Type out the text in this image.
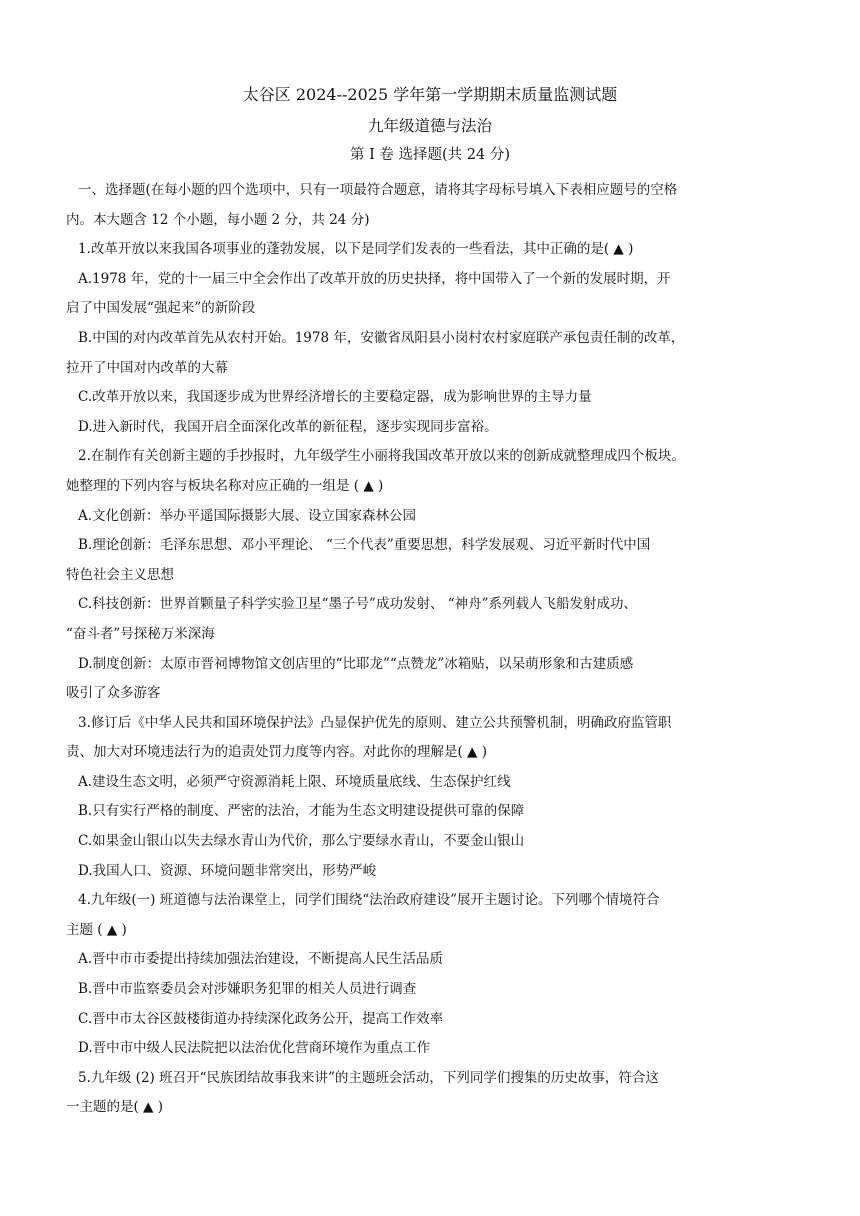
太谷区 2024--2025 学年第一学期期末质量监测试题
九年级道德与法治
第 I 卷 选择题(共 24 分)
一、选择题(在每小题的四个选项中，只有一项最符合题意，请将其字母标号填入下表相应题号的空格
内。本大题含 12 个小题，每小题 2 分，共 24 分)
1.改革开放以来我国各项事业的蓬勃发展，以下是同学们发表的一些看法，其中正确的是( ▲ )
A.1978 年，党的十一届三中全会作出了改革开放的历史抉择，将中国带入了一个新的发展时期，开
启了中国发展“强起来”的新阶段
B.中国的对内改革首先从农村开始。1978 年，安徽省凤阳县小岗村农村家庭联产承包责任制的改革，
拉开了中国对内改革的大幕
C.改革开放以来，我国逐步成为世界经济增长的主要稳定器，成为影响世界的主导力量
D.进入新时代，我国开启全面深化改革的新征程，逐步实现同步富裕。
2.在制作有关创新主题的手抄报时，九年级学生小丽将我国改革开放以来的创新成就整理成四个板块。
她整理的下列内容与板块名称对应正确的一组是 ( ▲ )
A.文化创新：举办平遥国际摄影大展、设立国家森林公园
B.理论创新：毛泽东思想、邓小平理论、 “三个代表”重要思想，科学发展观、习近平新时代中国
特色社会主义思想
C.科技创新：世界首颗量子科学实验卫星“墨子号”成功发射、 “神舟”系列载人飞船发射成功、
“奋斗者”号探秘万米深海
D.制度创新：太原市晋祠博物馆文创店里的“比耶龙”“点赞龙”冰箱贴，以呆萌形象和古建质感
吸引了众多游客
3.修订后《中华人民共和国环境保护法》凸显保护优先的原则、建立公共预警机制，明确政府监管职
责、加大对环境违法行为的追责处罚力度等内容。对此你的理解是( ▲ )
A.建设生态文明，必须严守资源消耗上限、环境质量底线、生态保护红线
B.只有实行严格的制度、严密的法治，才能为生态文明建设提供可靠的保障
C.如果金山银山以失去绿水青山为代价，那么宁要绿水青山，不要金山银山
D.我国人口、资源、环境问题非常突出，形势严峻
4.九年级(一) 班道德与法治课堂上，同学们围绕“法治政府建设”展开主题讨论。下列哪个情境符合
主题 ( ▲ )
A.晋中市市委提出持续加强法治建设，不断提高人民生活品质
B.晋中市监察委员会对涉嫌职务犯罪的相关人员进行调查
C.晋中市太谷区鼓楼街道办持续深化政务公开，提高工作效率
D.晋中市中级人民法院把以法治优化营商环境作为重点工作
5.九年级 (2) 班召开“民族团结故事我来讲”的主题班会活动，下列同学们搜集的历史故事，符合这
一主题的是( ▲ )
